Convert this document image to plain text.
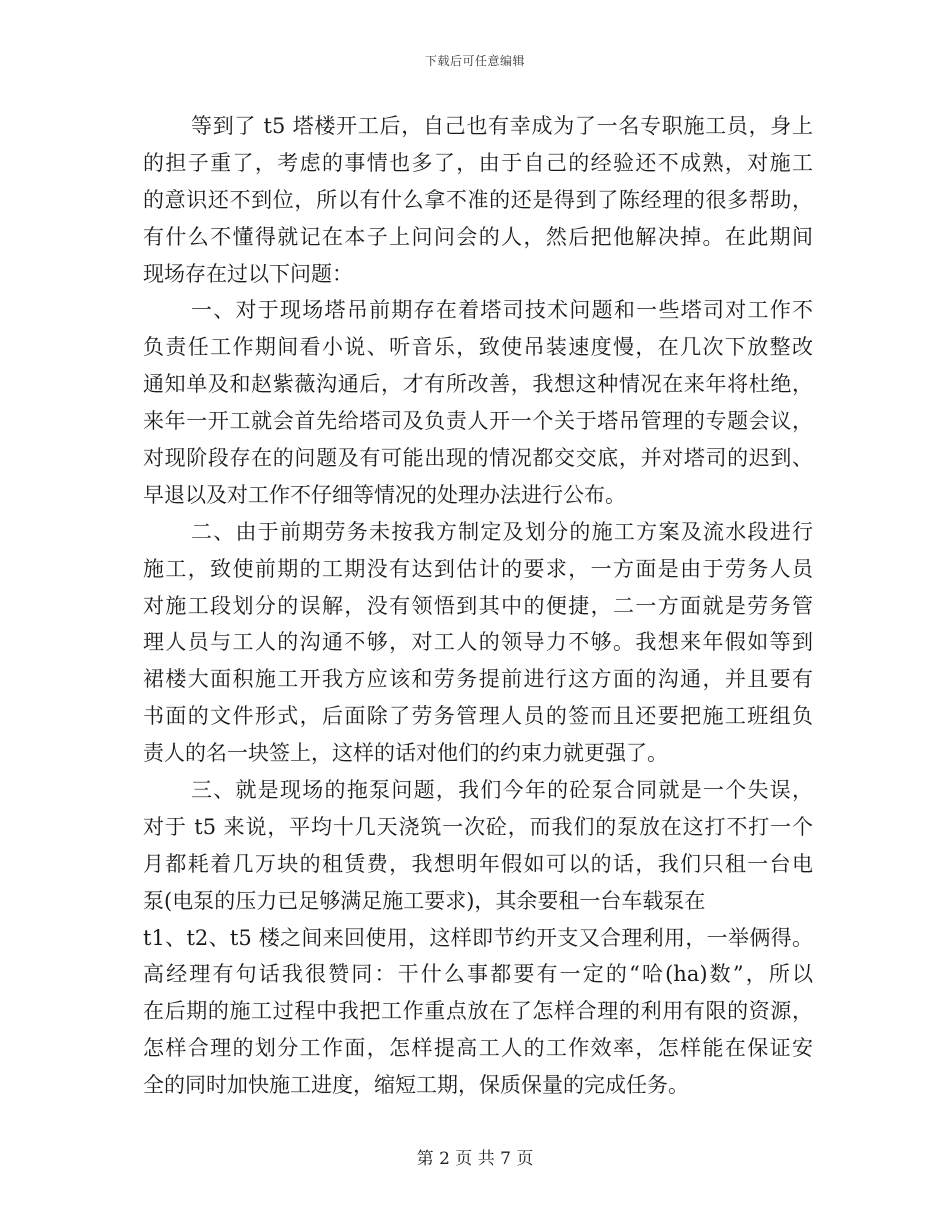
下载后可任意编辑
等到了 t5 塔楼开工后，自己也有幸成为了一名专职施工员，身上
的担子重了，考虑的事情也多了，由于自己的经验还不成熟，对施工
的意识还不到位，所以有什么拿不准的还是得到了陈经理的很多帮助，
有什么不懂得就记在本子上问问会的人，然后把他解决掉。在此期间
现场存在过以下问题：
一、对于现场塔吊前期存在着塔司技术问题和一些塔司对工作不
负责任工作期间看小说、听音乐，致使吊装速度慢，在几次下放整改
通知单及和赵紫薇沟通后，才有所改善，我想这种情况在来年将杜绝，
来年一开工就会首先给塔司及负责人开一个关于塔吊管理的专题会议，
对现阶段存在的问题及有可能出现的情况都交交底，并对塔司的迟到、
早退以及对工作不仔细等情况的处理办法进行公布。
二、由于前期劳务未按我方制定及划分的施工方案及流水段进行
施工，致使前期的工期没有达到估计的要求，一方面是由于劳务人员
对施工段划分的误解，没有领悟到其中的便捷，二一方面就是劳务管
理人员与工人的沟通不够，对工人的领导力不够。我想来年假如等到
裙楼大面积施工开我方应该和劳务提前进行这方面的沟通，并且要有
书面的文件形式，后面除了劳务管理人员的签而且还要把施工班组负
责人的名一块签上，这样的话对他们的约束力就更强了。
三、就是现场的拖泵问题，我们今年的砼泵合同就是一个失误，
对于 t5 来说，平均十几天浇筑一次砼，而我们的泵放在这打不打一个
月都耗着几万块的租赁费，我想明年假如可以的话，我们只租一台电
泵(电泵的压力已足够满足施工要求)，其余要租一台车载泵在
t1、t2、t5 楼之间来回使用，这样即节约开支又合理利用，一举俩得。
高经理有句话我很赞同：干什么事都要有一定的“哈(ha)数”，所以
在后期的施工过程中我把工作重点放在了怎样合理的利用有限的资源，
怎样合理的划分工作面，怎样提高工人的工作效率，怎样能在保证安
全的同时加快施工进度，缩短工期，保质保量的完成任务。
第 2 页 共 7 页
